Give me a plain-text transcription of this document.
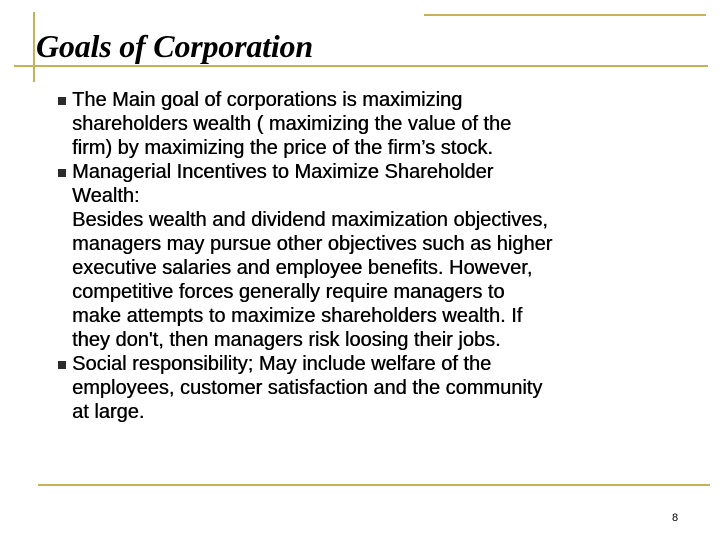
Goals of Corporation
The Main goal of corporations is maximizing
shareholders wealth ( maximizing the value of the
firm) by maximizing the price of the firm’s stock.
Managerial Incentives to Maximize Shareholder
Wealth:
Besides wealth and dividend maximization objectives,
managers may pursue other objectives such as higher
executive salaries and employee benefits. However,
competitive forces generally require managers to
make attempts to maximize shareholders wealth. If
they don't, then managers risk loosing their jobs.
Social responsibility; May include welfare of the
employees, customer satisfaction and the community
at large.
8
